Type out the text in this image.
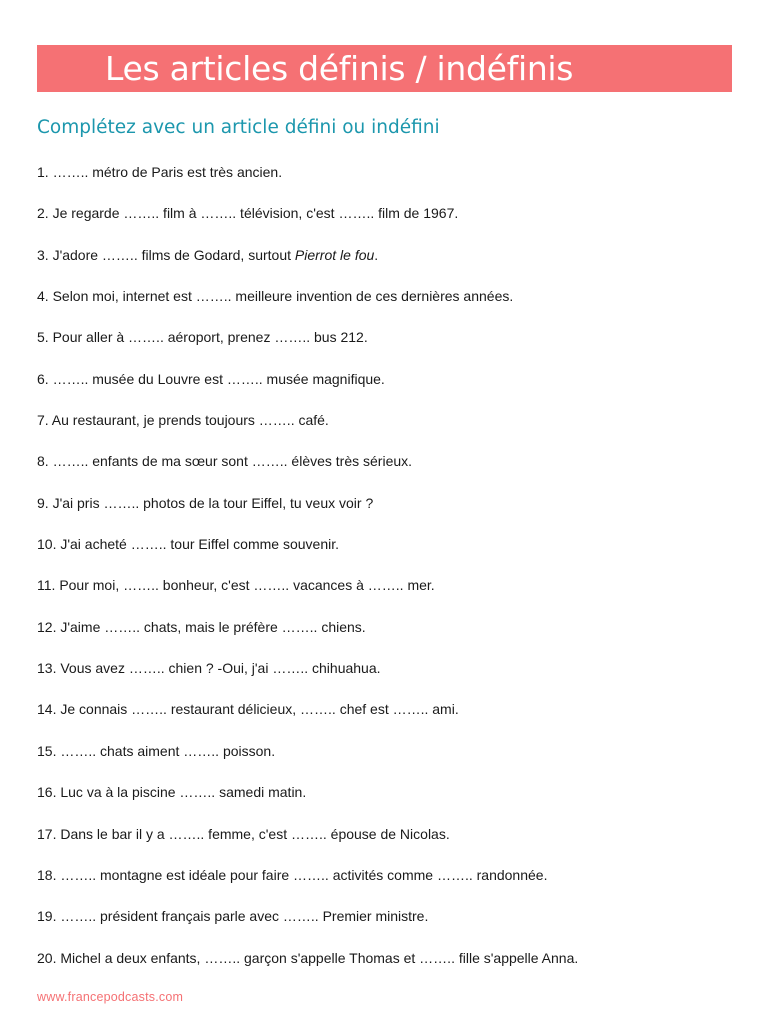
Les articles définis / indéfinis
Complétez avec un article défini ou indéfini
1. …….. métro de Paris est très ancien.
2. Je regarde …….. film à …….. télévision, c'est …….. film de 1967.
3. J'adore …….. films de Godard, surtout Pierrot le fou.
4. Selon moi, internet est …….. meilleure invention de ces dernières années.
5. Pour aller à …….. aéroport, prenez …….. bus 212.
6. …….. musée du Louvre est …….. musée magnifique.
7. Au restaurant, je prends toujours …….. café.
8. …….. enfants de ma sœur sont …….. élèves très sérieux.
9. J'ai pris …….. photos de la tour Eiffel, tu veux voir ?
10. J'ai acheté …….. tour Eiffel comme souvenir.
11. Pour moi, …….. bonheur, c'est …….. vacances à …….. mer.
12. J'aime …….. chats, mais le préfère …….. chiens.
13. Vous avez …….. chien ? -Oui, j'ai …….. chihuahua.
14. Je connais …….. restaurant délicieux, …….. chef est …….. ami.
15. …….. chats aiment …….. poisson.
16. Luc va à la piscine …….. samedi matin.
17. Dans le bar il y a …….. femme, c'est …….. épouse de Nicolas.
18. …….. montagne est idéale pour faire …….. activités comme …….. randonnée.
19. …….. président français parle avec …….. Premier ministre.
20. Michel a deux enfants, …….. garçon s'appelle Thomas et …….. fille s'appelle Anna.
www.francepodcasts.com
